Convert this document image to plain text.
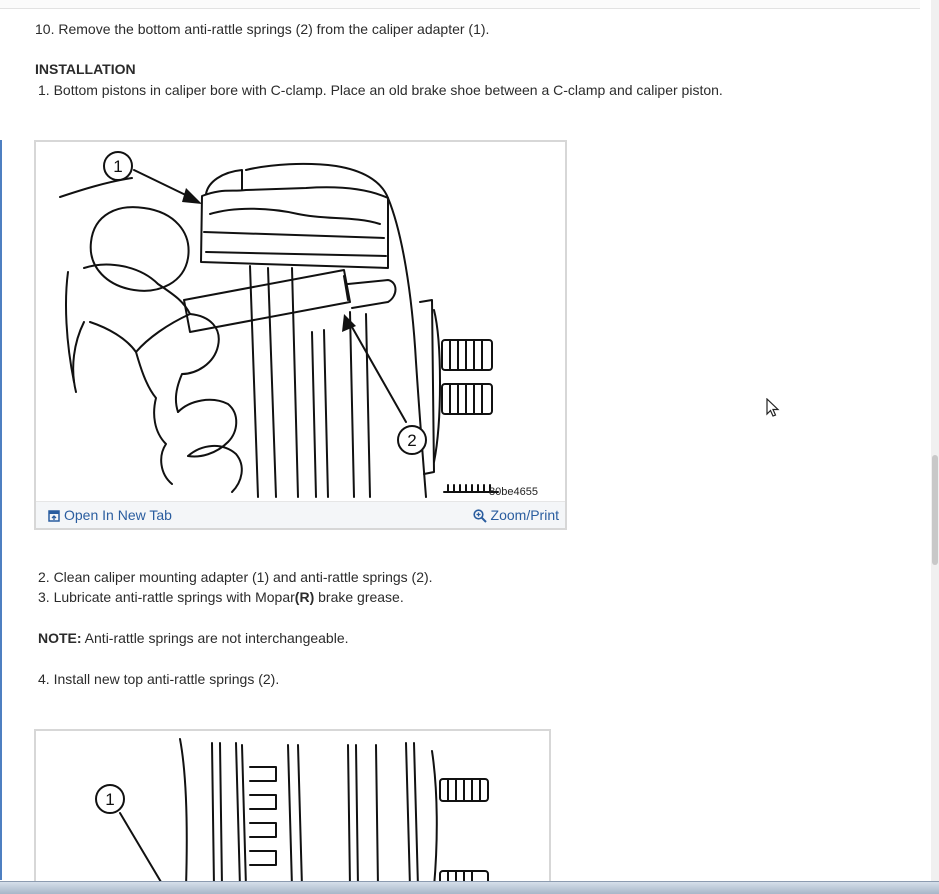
10. Remove the bottom anti-rattle springs (2) from the caliper adapter (1).
INSTALLATION
1. Bottom pistons in caliper bore with C-clamp. Place an old brake shoe between a C-clamp and caliper piston.
1
2
80be4655
Open In New Tab	Zoom/Print
2. Clean caliper mounting adapter (1) and anti-rattle springs (2).
3. Lubricate anti-rattle springs with Mopar(R) brake grease.
NOTE: Anti-rattle springs are not interchangeable.
4. Install new top anti-rattle springs (2).
1
